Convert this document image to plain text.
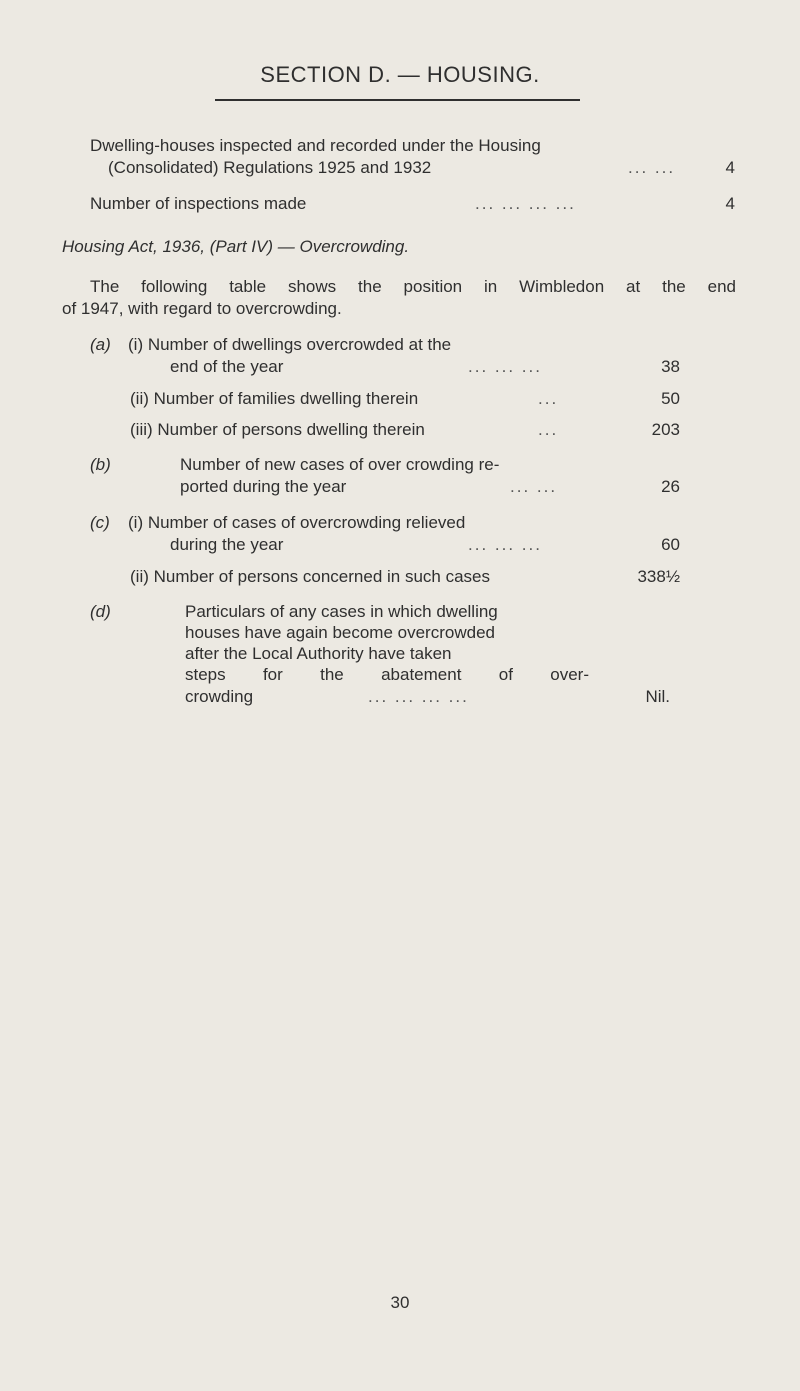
SECTION D. — HOUSING.
Dwelling-houses inspected and recorded under the Housing
(Consolidated) Regulations 1925 and 1932	... ...	4
Number of inspections made	... ... ... ...	4
Housing Act, 1936, (Part IV) — Overcrowding.
The following table shows the position in Wimbledon at the end
of 1947, with regard to overcrowding.
(a) (i) Number of dwellings overcrowded at the
end of the year	... ... ...	38
(ii) Number of families dwelling therein	...	50
(iii) Number of persons dwelling therein	...	203
(b)	Number of new cases of over crowding re-
ported during the year	... ...	26
(c) (i) Number of cases of overcrowding relieved
during the year	... ... ...	60
(ii) Number of persons concerned in such cases	338½
(d)	Particulars of any cases in which dwelling
houses have again become overcrowded
after the Local Authority have taken
steps for the abatement of over-
crowding	... ... ... ...	Nil.
30
